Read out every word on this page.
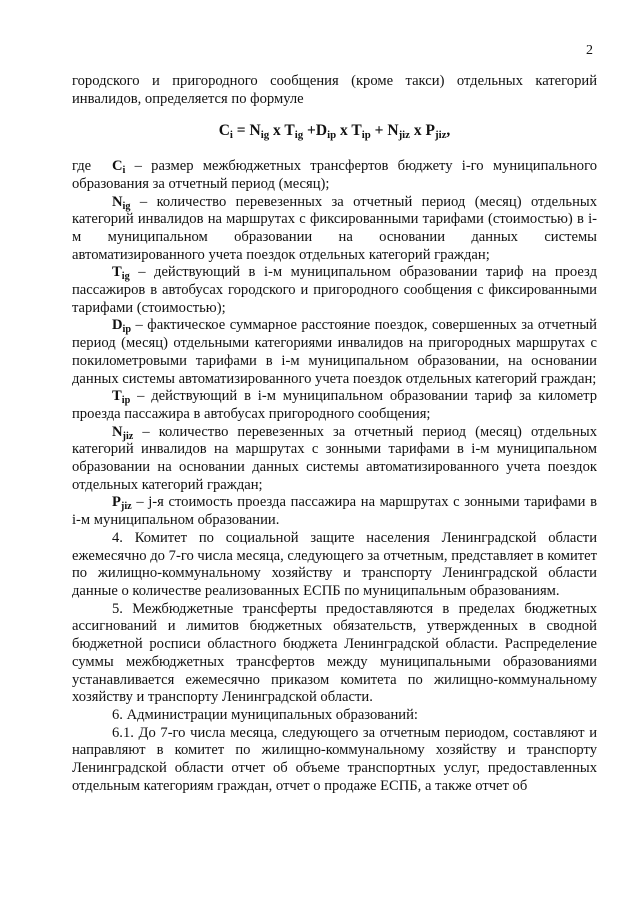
2

городского и пригородного сообщения (кроме такси) отдельных категорий инвалидов, определяется по формуле

$C_i = N_{ig}$ x $T_{ig} +D_{ip}$ x $T_{ip} + N_{jiz}$ x $P_{jiz}$,

где $C_i$ – размер межбюджетных трансфертов бюджету i-го муниципального образования за отчетный период (месяц);

$N_{ig}$ – количество перевезенных за отчетный период (месяц) отдельных категорий инвалидов на маршрутах с фиксированными тарифами (стоимостью) в i-м муниципальном образовании на основании данных системы автоматизированного учета поездок отдельных категорий граждан;

$T_{ig}$ – действующий в i-м муниципальном образовании тариф на проезд пассажиров в автобусах городского и пригородного сообщения с фиксированными тарифами (стоимостью);

$D_{ip}$ – фактическое суммарное расстояние поездок, совершенных за отчетный период (месяц) отдельными категориями инвалидов на пригородных маршрутах с покилометровыми тарифами в i-м муниципальном образовании, на основании данных системы автоматизированного учета поездок отдельных категорий граждан;

$T_{ip}$ – действующий в i-м муниципальном образовании тариф за километр проезда пассажира в автобусах пригородного сообщения;

$N_{jiz}$ – количество перевезенных за отчетный период (месяц) отдельных категорий инвалидов на маршрутах с зонными тарифами в i-м муниципальном образовании на основании данных системы автоматизированного учета поездок отдельных категорий граждан;

$P_{jiz} - j-я$ стоимость проезда пассажира на маршрутах с зонными тарифами в i-м муниципальном образовании.

4. Комитет по социальной защите населения Ленинградской области ежемесячно до 7-го числа месяца, следующего за отчетным, представляет в комитет по жилищно-коммунальному хозяйству и транспорту Ленинградской области данные о количестве реализованных ЕСПБ по муниципальным образованиям.

5. Межбюджетные трансферты предоставляются в пределах бюджетных ассигнований и лимитов бюджетных обязательств, утвержденных в сводной бюджетной росписи областного бюджета Ленинградской области. Распределение суммы межбюджетных трансфертов между муниципальными образованиями устанавливается ежемесячно приказом комитета по жилищно-коммунальному хозяйству и транспорту Ленинградской области.

6. Администрации муниципальных образований:

6.1. До 7-го числа месяца, следующего за отчетным периодом, составляют и направляют в комитет по жилищно-коммунальному хозяйству и транспорту Ленинградской области отчет об объеме транспортных услуг, предоставленных отдельным категориям граждан, отчет о продаже ЕСПБ, а также отчет об
